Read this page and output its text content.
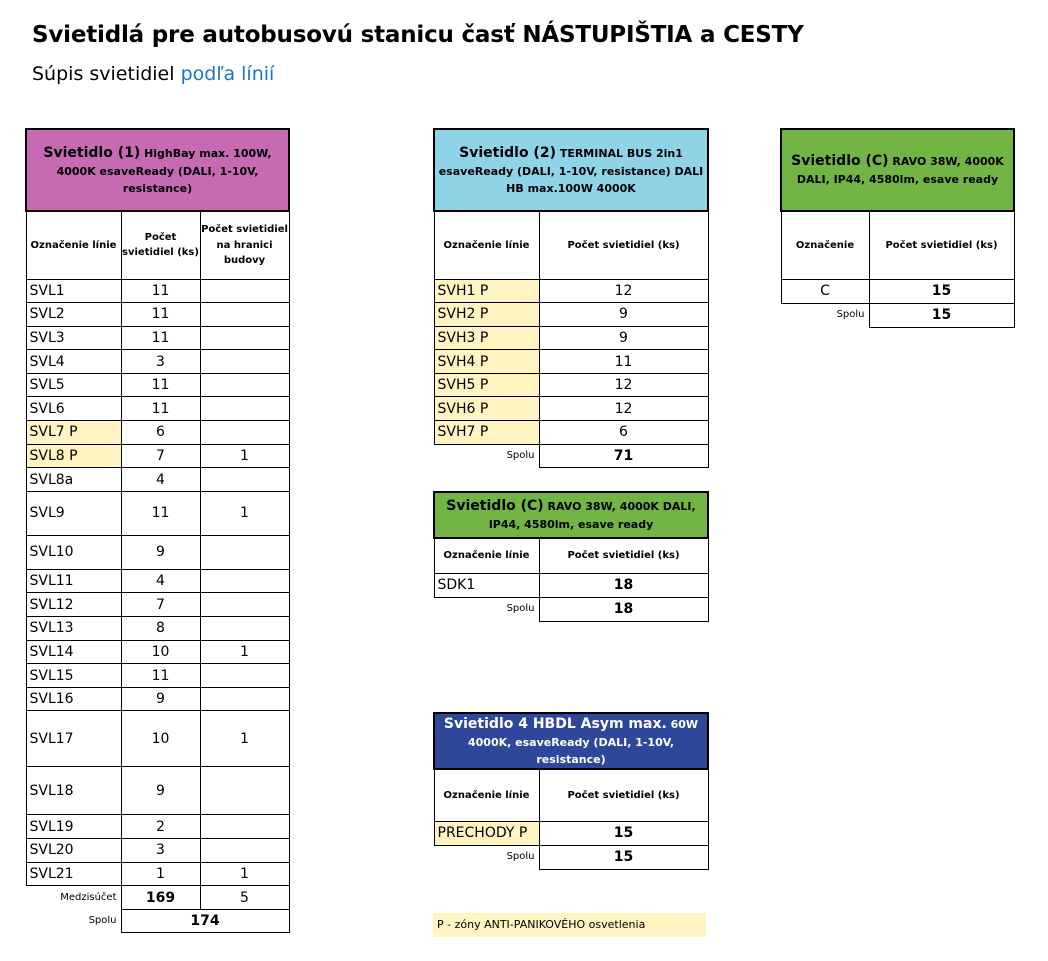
Svietidlá pre autobusovú stanicu časť NÁSTUPIŠTIA a CESTY
Súpis svietidiel podľa línií
Svietidlo (1) HighBay max. 100W, 4000K esaveReady (DALI, 1-10V, resistance)		
Označenie línie	Počet svietidiel (ks)	Počet svietidiel na hranici budovy
SVL1	11	
SVL2	11	
SVL3	11	
SVL4	3	
SVL5	11	
SVL6	11	
SVL7 P	6	
SVL8 P	7	1
SVL8a	4	
SVL9	11	1
SVL10	9	
SVL11	4	
SVL12	7	
SVL13	8	
SVL14	10	1
SVL15	11	
SVL16	9	
SVL17	10	1
SVL18	9	
SVL19	2	
SVL20	3	
SVL21	1	1
Medzisúčet	169	5
Spolu	174	
Svietidlo (2) TERMINAL BUS 2in1 esaveReady (DALI, 1-10V, resistance) DALI HB max.100W 4000K	
Označenie línie	Počet svietidiel (ks)
SVH1 P	12
SVH2 P	9
SVH3 P	9
SVH4 P	11
SVH5 P	12
SVH6 P	12
SVH7 P	6
Spolu	71
Svietidlo (C) RAVO 38W, 4000K DALI, IP44, 4580lm, esave ready	
Označenie	Počet svietidiel (ks)
C	15
Spolu	15
Svietidlo (C) RAVO 38W, 4000K DALI, IP44, 4580lm, esave ready	
Označenie línie	Počet svietidiel (ks)
SDK1	18
Spolu	18
Svietidlo 4 HBDL Asym max. 60W 4000K, esaveReady (DALI, 1-10V, resistance)	
Označenie línie	Počet svietidiel (ks)
PRECHODY P	15
Spolu	15
P - zóny ANTI-PANIKOVÉHO osvetlenia
